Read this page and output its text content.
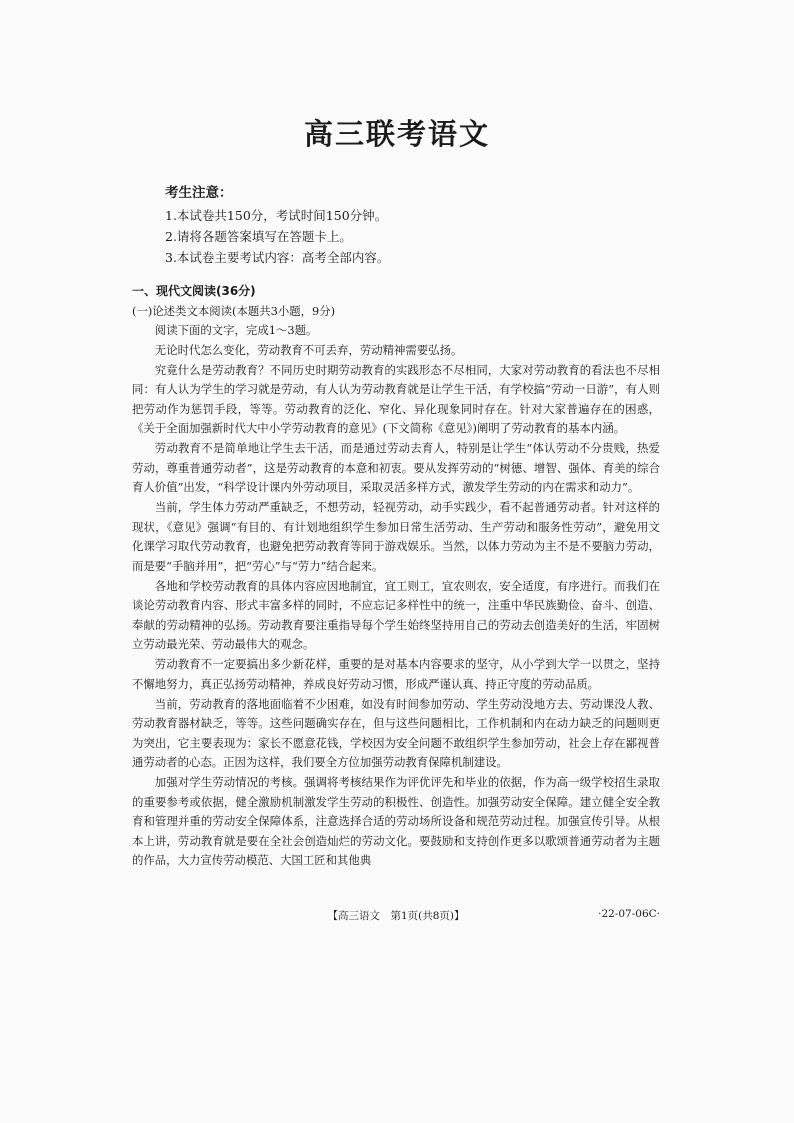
高三联考语文
考生注意：
1.本试卷共150分，考试时间150分钟。
2.请将各题答案填写在答题卡上。
3.本试卷主要考试内容：高考全部内容。
一、现代文阅读(36分)
(一)论述类文本阅读(本题共3小题，9分)
阅读下面的文字，完成1～3题。

无论时代怎么变化，劳动教育不可丢弃，劳动精神需要弘扬。

究竟什么是劳动教育？不同历史时期劳动教育的实践形态不尽相同，大家对劳动教育的看法也不尽相同：有人认为学生的学习就是劳动，有人认为劳动教育就是让学生干活，有学校搞“劳动一日游”，有人则把劳动作为惩罚手段，等等。劳动教育的泛化、窄化、异化现象同时存在。针对大家普遍存在的困惑，《关于全面加强新时代大中小学劳动教育的意见》(下文简称《意见》)阐明了劳动教育的基本内涵。

劳动教育不是简单地让学生去干活，而是通过劳动去育人，特别是让学生“体认劳动不分贵贱，热爱劳动，尊重普通劳动者”，这是劳动教育的本意和初衷。要从发挥劳动的“树德、增智、强体、育美的综合育人价值”出发，“科学设计课内外劳动项目，采取灵活多样方式，激发学生劳动的内在需求和动力”。

当前，学生体力劳动严重缺乏，不想劳动，轻视劳动，动手实践少，看不起普通劳动者。针对这样的现状，《意见》强调“有目的、有计划地组织学生参加日常生活劳动、生产劳动和服务性劳动”，避免用文化课学习取代劳动教育，也避免把劳动教育等同于游戏娱乐。当然，以体力劳动为主不是不要脑力劳动，而是要“手脑并用”，把“劳心”与“劳力”结合起来。

各地和学校劳动教育的具体内容应因地制宜，宜工则工，宜农则农，安全适度，有序进行。而我们在谈论劳动教育内容、形式丰富多样的同时，不应忘记多样性中的统一，注重中华民族勤俭、奋斗、创造、奉献的劳动精神的弘扬。劳动教育要注重指导每个学生始终坚持用自己的劳动去创造美好的生活，牢固树立劳动最光荣、劳动最伟大的观念。

劳动教育不一定要搞出多少新花样，重要的是对基本内容要求的坚守，从小学到大学一以贯之，坚持不懈地努力，真正弘扬劳动精神，养成良好劳动习惯，形成严谨认真、持正守度的劳动品质。

当前，劳动教育的落地面临着不少困难，如没有时间参加劳动、学生劳动没地方去、劳动课没人教、劳动教育器材缺乏，等等。这些问题确实存在，但与这些问题相比，工作机制和内在动力缺乏的问题则更为突出，它主要表现为：家长不愿意花钱，学校因为安全问题不敢组织学生参加劳动，社会上存在鄙视普通劳动者的心态。正因为这样，我们要全方位加强劳动教育保障机制建设。

加强对学生劳动情况的考核。强调将考核结果作为评优评先和毕业的依据，作为高一级学校招生录取的重要参考或依据，健全激励机制激发学生劳动的积极性、创造性。加强劳动安全保障。建立健全安全教育和管理并重的劳动安全保障体系，注意选择合适的劳动场所设备和规范劳动过程。加强宣传引导。从根本上讲，劳动教育就是要在全社会创造灿烂的劳动文化。要鼓励和支持创作更多以歌颂普通劳动者为主题的作品，大力宣传劳动模范、大国工匠和其他典

【高三语文　第1页(共8页)】	·22-07-06C·
